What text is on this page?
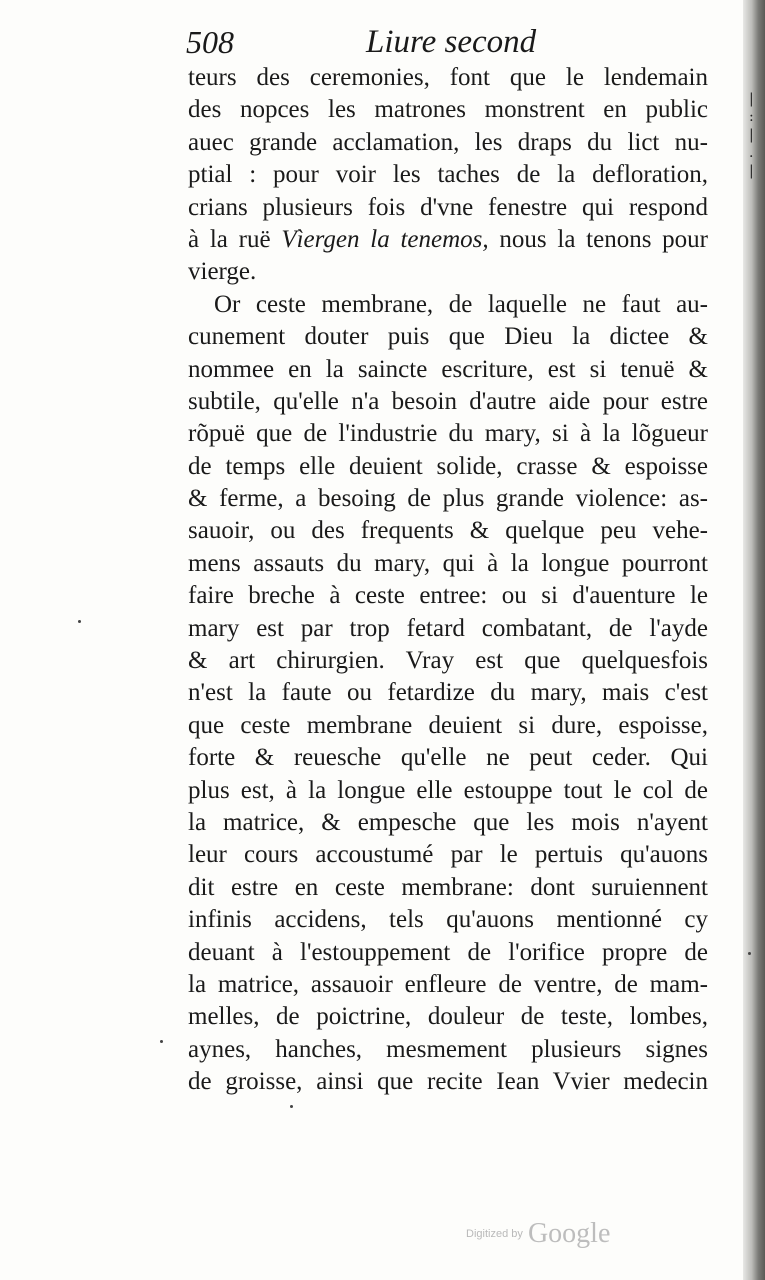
|
:
|
.
|
508	Liure second
teurs des ceremonies, font que le lendemain
des nopces les matrones monstrent en public
auec grande acclamation, les draps du lict nu-
ptial : pour voir les taches de la defloration,
crians plusieurs fois d'vne fenestre qui respond
à la ruë Vìergen la tenemos, nous la tenons pour
vierge.
Or ceste membrane, de laquelle ne faut au-
cunement douter puis que Dieu la dictee &
nommee en la saincte escriture, est si tenuë &
subtile, qu'elle n'a besoin d'autre aide pour estre
rõpuë que de l'industrie du mary, si à la lõgueur
de temps elle deuient solide, crasse & espoisse
& ferme, a besoing de plus grande violence: as-
sauoir, ou des frequents & quelque peu vehe-
mens assauts du mary, qui à la longue pourront
faire breche à ceste entree: ou si d'auenture le
mary est par trop fetard combatant, de l'ayde
& art chirurgien. Vray est que quelquesfois
n'est la faute ou fetardize du mary, mais c'est
que ceste membrane deuient si dure, espoisse,
forte & reuesche qu'elle ne peut ceder. Qui
plus est, à la longue elle estouppe tout le col de
la matrice, & empesche que les mois n'ayent
leur cours accoustumé par le pertuis qu'auons
dit estre en ceste membrane: dont suruiennent
infinis accidens, tels qu'auons mentionné cy
deuant à l'estouppement de l'orifice propre de
la matrice, assauoir enfleure de ventre, de mam-
melles, de poictrine, douleur de teste, lombes,
aynes, hanches, mesmement plusieurs signes
de groisse, ainsi que recite Iean Vvier medecin
Digitized by Google
